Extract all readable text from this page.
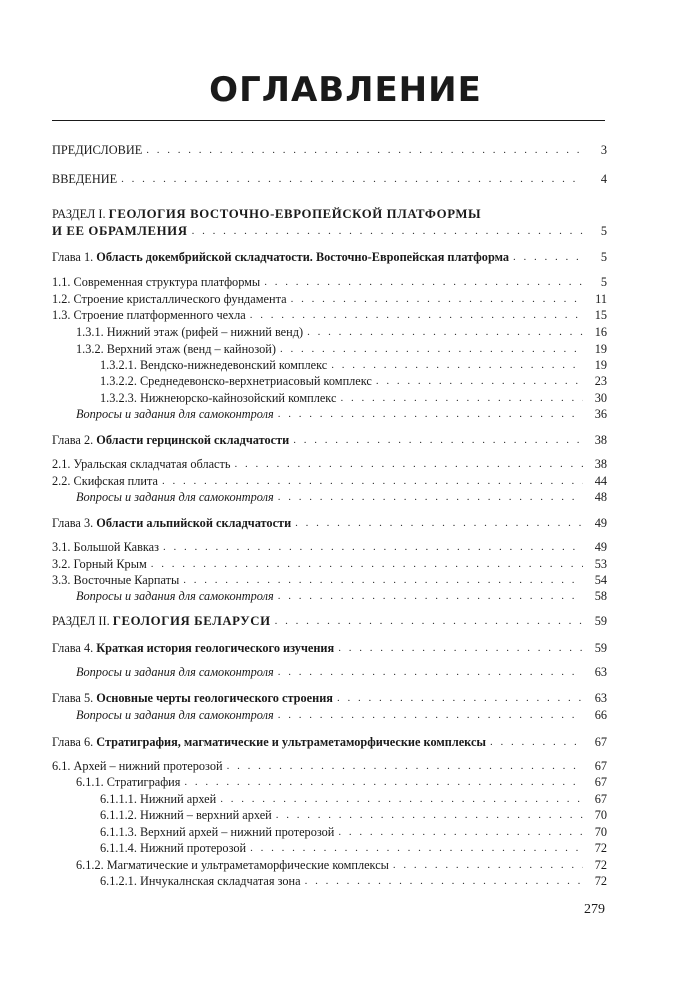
ОГЛАВЛЕНИЕ
ПРЕДИСЛОВИЕ . . .	3
ВВЕДЕНИЕ . . .	4
РАЗДЕЛ I. ГЕОЛОГИЯ ВОСТОЧНО-ЕВРОПЕЙСКОЙ ПЛАТФОРМЫ
И ЕЕ ОБРАМЛЕНИЯ . . .	5
Глава 1. Область докембрийской складчатости. Восточно-Европейская платформа . . .	5
1.1. Современная структура платформы . . .	5
1.2. Строение кристаллического фундамента . . .	11
1.3. Строение платформенного чехла . . .	15
1.3.1. Нижний этаж (рифей – нижний венд) . . .	16
1.3.2. Верхний этаж (венд – кайнозой) . . .	19
1.3.2.1. Вендско-нижнедевонский комплекс . . .	19
1.3.2.2. Среднедевонско-верхнетриасовый комплекс . . .	23
1.3.2.3. Нижнеюрско-кайнозойский комплекс . . .	30
Вопросы и задания для самоконтроля . . .	36
Глава 2. Области герцинской складчатости . . .	38
2.1. Уральская складчатая область . . .	38
2.2. Скифская плита . . .	44
Вопросы и задания для самоконтроля . . .	48
Глава 3. Области альпийской складчатости . . .	49
3.1. Большой Кавказ . . .	49
3.2. Горный Крым . . .	53
3.3. Восточные Карпаты . . .	54
Вопросы и задания для самоконтроля . . .	58
РАЗДЕЛ II. ГЕОЛОГИЯ БЕЛАРУСИ . . .	59
Глава 4. Краткая история геологического изучения . . .	59
Вопросы и задания для самоконтроля . . .	63
Глава 5. Основные черты геологического строения . . .	63
Вопросы и задания для самоконтроля . . .	66
Глава 6. Стратиграфия, магматические и ультраметаморфические комплексы . . .	67
6.1. Архей – нижний протерозой . . .	67
6.1.1. Стратиграфия . . .	67
6.1.1.1. Нижний архей . . .	67
6.1.1.2. Нижний – верхний архей . . .	70
6.1.1.3. Верхний архей – нижний протерозой . . .	70
6.1.1.4. Нижний протерозой . . .	72
6.1.2. Магматические и ультраметаморфические комплексы . . .	72
6.1.2.1. Инчукалнская складчатая зона . . .	72
279
